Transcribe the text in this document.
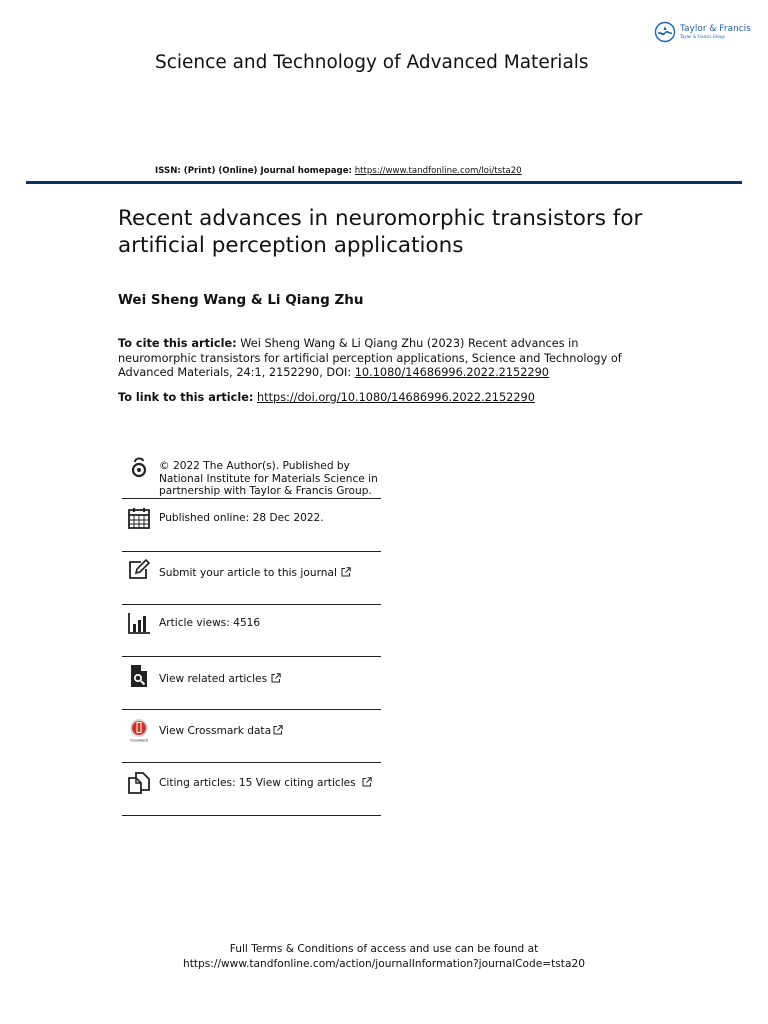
Taylor & Francis
Taylor & Francis Group
Science and Technology of Advanced Materials
ISSN: (Print) (Online) Journal homepage: https://www.tandfonline.com/loi/tsta20
Recent advances in neuromorphic transistors for artificial perception applications
Wei Sheng Wang & Li Qiang Zhu
To cite this article: Wei Sheng Wang & Li Qiang Zhu (2023) Recent advances in neuromorphic transistors for artificial perception applications, Science and Technology of Advanced Materials, 24:1, 2152290, DOI: 10.1080/14686996.2022.2152290
To link to this article: https://doi.org/10.1080/14686996.2022.2152290
© 2022 The Author(s). Published by National Institute for Materials Science in partnership with Taylor & Francis Group.
Published online: 28 Dec 2022.
Submit your article to this journal
Article views: 4516
View related articles
CrossMark
View Crossmark data
Citing articles: 15 View citing articles
Full Terms & Conditions of access and use can be found at
https://www.tandfonline.com/action/journalInformation?journalCode=tsta20
